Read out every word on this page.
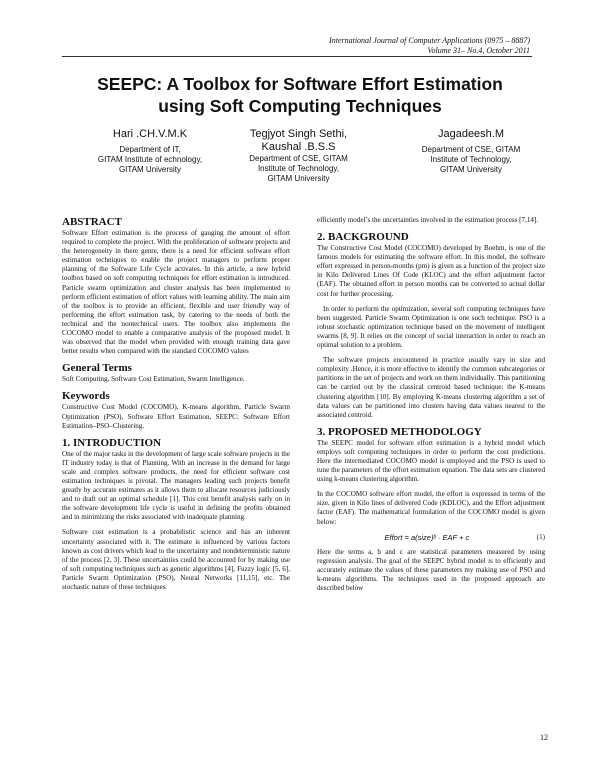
International Journal of Computer Applications (0975 – 8887)
Volume 31– No.4, October 2011
SEEPC: A Toolbox for Software Effort Estimation
using Soft Computing Techniques
Hari .CH.V.M.K
Department of IT,
GITAM Institute of echnology,
GITAM University
Tegjyot Singh Sethi,
Kaushal .B.S.S
Department of CSE, GITAM
Institute of Technology,
GITAM University
Jagadeesh.M
Department of CSE, GITAM
Institute of Technology,
GITAM University
ABSTRACT

Software Effort estimation is the process of gauging the amount of effort required to complete the project. With the proliferation of software projects and the heterogeneity in there genre, there is a need for efficient software effort estimation techniques to enable the project managers to perform proper planning of the Software Life Cycle activates. In this article, a new hybrid toolbox based on soft computing techniques for effort estimation is introduced. Particle swarm optimization and cluster analysis has been implemented to perform efficient estimation of effort values with learning ability. The main aim of the toolbox is to provide an efficient, flexible and user friendly way of performing the effort estimation task, by catering to the needs of both the technical and the nontechnical users. The toolbox also implements the COCOMO model to enable a comparative analysis of the proposed model. It was observed that the model when provided with enough training data gave better results when compared with the standard COCOMO values

General Terms

Soft Computing, Software Cost Estimation, Swarm Intelligence.

Keywords

Constructive Cost Model (COCOMO), K-means algorithm, Particle Swarm Optimization (PSO), Software Effort Estimation, SEEPC: Software Effort Estimation–PSO–Clustering.

1. INTRODUCTION

One of the major tasks in the development of large scale software projects in the IT industry today is that of Planning. With an increase in the demand for large scale and complex software products, the need for efficient software cost estimation techniques is pivotal. The managers leading such projects benefit greatly by accurate estimates as it allows them to allocate resources judiciously and to draft out an optimal schedule [1]. This cost benefit analysis early on in the software development life cycle is useful in defining the profits obtained and in minimizing the risks associated with inadequate planning.

Software cost estimation is a probabilistic science and has an inherent uncertainty associated with it. The estimate is influenced by various factors known as cost drivers which lead to the uncertainty and nondeterministic nature of the process [2, 3]. These uncertainties could be accounted for by making use of soft computing techniques such as genetic algorithms [4], Fuzzy logic [5, 6], Particle Swarm Optimization (PSO), Neural Networks [11,15], etc. The stochastic nature of these techniques

efficiently model’s the uncertainties involved in the estimation process [7,14].

2. BACKGROUND

The Constructive Cost Model (COCOMO) developed by Boehm, is one of the famous models for estimating the software effort. In this model, the software effort expressed in person-months (pm) is given as a function of the project size in Kilo Delivered Lines Of Code (KLOC) and the effort adjustment factor (EAF). The obtained effort in person months can be converted to actual dollar cost for further processing.

In order to perform the optimization, several soft computing techniques have been suggested. Particle Swarm Optimization is one such technique. PSO is a robust stochastic optimization technique based on the movement of intelligent swarms [8, 9]. It relies on the concept of social interaction in order to reach an optimal solution to a problem.

The software projects encountered in practice usually vary in size and complexity .Hence, it is more effective to identify the common subcategories or partitions in the set of projects and work on them individually. This partitioning can be carried out by the classical centroid based technique: the K-means clustering algorithm [10]. By employing K-means clustering algorithm a set of data values can be partitioned into clusters having data values nearest to the associated centroid.

3. PROPOSED METHODOLOGY

The SEEPC model for software effort estimation is a hybrid model which employs soft computing techniques in order to perform the cost predictions. Here the intermediated COCOMO model is employed and the PSO is used to tune the parameters of the effort estimation equation. The data sets are clustered using k-means clustering algorithm.

In the COCOMO software effort model, the effort is expressed in terms of the size, given in Kilo lines of delivered Code (KDLOC), and the Effort adjustment factor (EAF). The mathematical formulation of the COCOMO model is given below:

Effort = a(size)ᵇ · EAF + c	(1)

Here the terms a, b and c are statistical parameters measured by using regression analysis. The goal of the SEEPC hybrid model is to efficiently and accurately estimate the values of these parameters my making use of PSO and k-means algorithms. The techniques used in the proposed approach are described below

12
